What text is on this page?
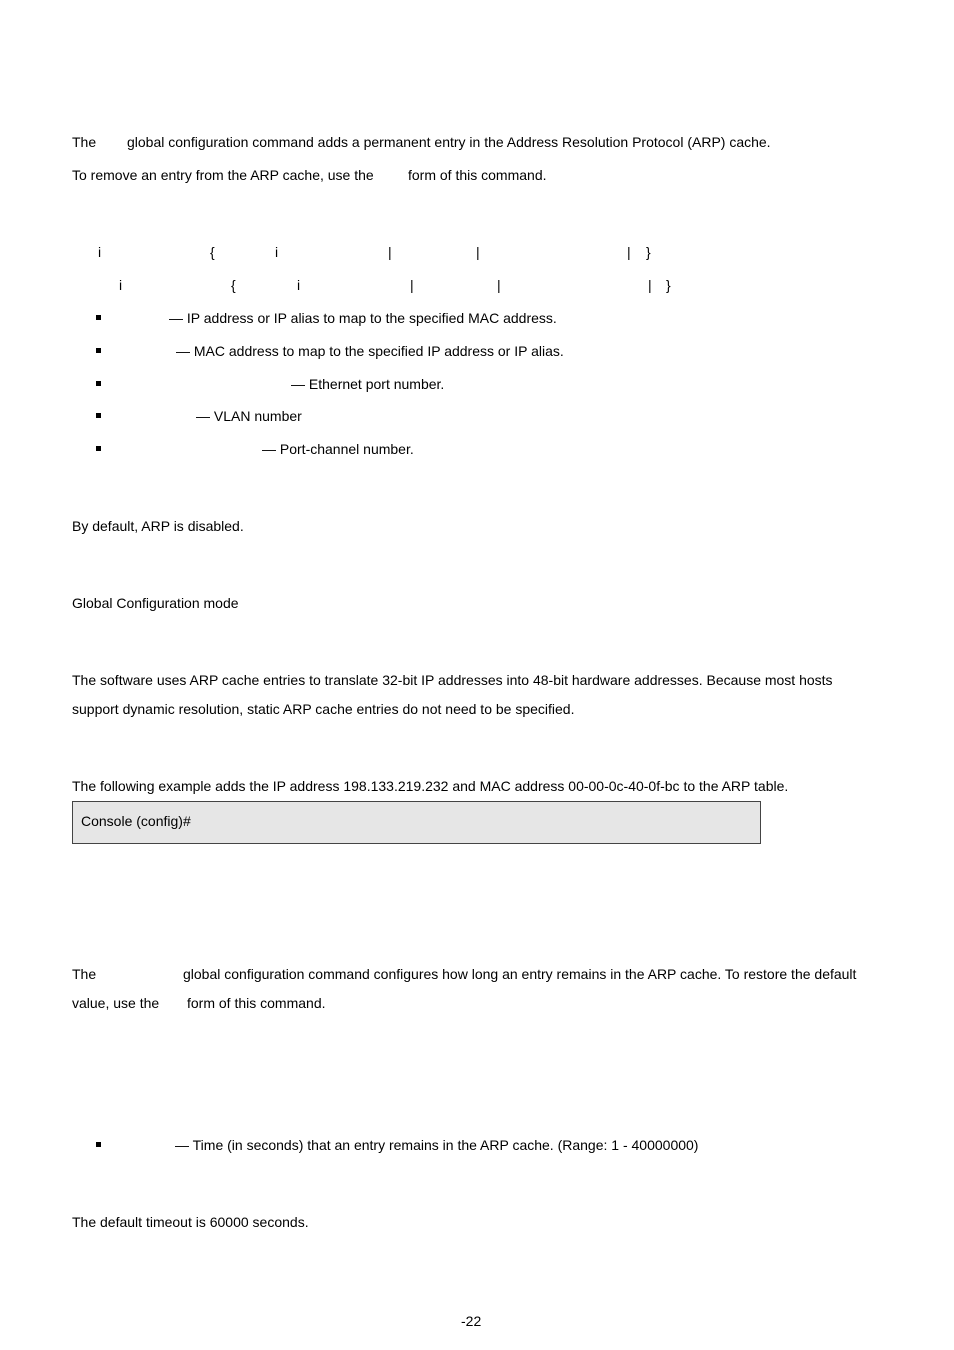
The global configuration command adds a permanent entry in the Address Resolution Protocol (ARP) cache.
To remove an entry from the ARP cache, use the form of this command.
i	{	i	|	|	| }
i	{	i	|	|	| }
— IP address or IP alias to map to the specified MAC address.
— MAC address to map to the specified IP address or IP alias.
— Ethernet port number.
— VLAN number
— Port-channel number.
By default, ARP is disabled.
Global Configuration mode
The software uses ARP cache entries to translate 32-bit IP addresses into 48-bit hardware addresses. Because most hosts
support dynamic resolution, static ARP cache entries do not need to be specified.
The following example adds the IP address 198.133.219.232 and MAC address 00-00-0c-40-0f-bc to the ARP table.
Console (config)#
The	global configuration command configures how long an entry remains in the ARP cache. To restore the default
value, use the form of this command.
— Time (in seconds) that an entry remains in the ARP cache. (Range: 1 - 40000000)
The default timeout is 60000 seconds.
-22
